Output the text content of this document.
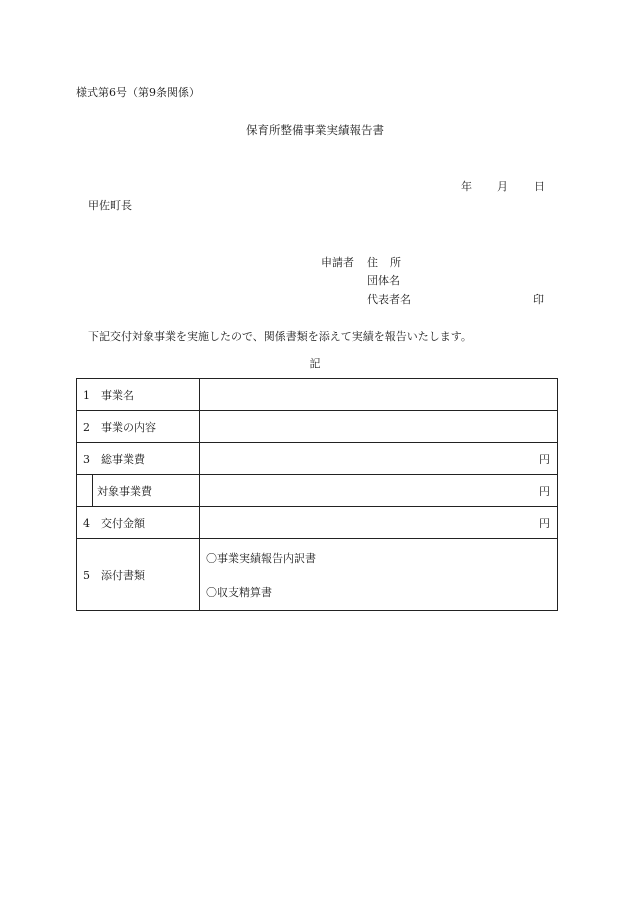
様式第6号（第9条関係）
保育所整備事業実績報告書
年 月 日
甲佐町長
申請者 住所
団体名
代表者名	印
下記交付対象事業を実施したので、関係書類を添えて実績を報告いたします。
記
1 事業名		
2 事業の内容		
3 総事業費		円
	対象事業費	円
4 交付金額		円
5 添付書類		〇事業実績報告内訳書
〇収支精算書
